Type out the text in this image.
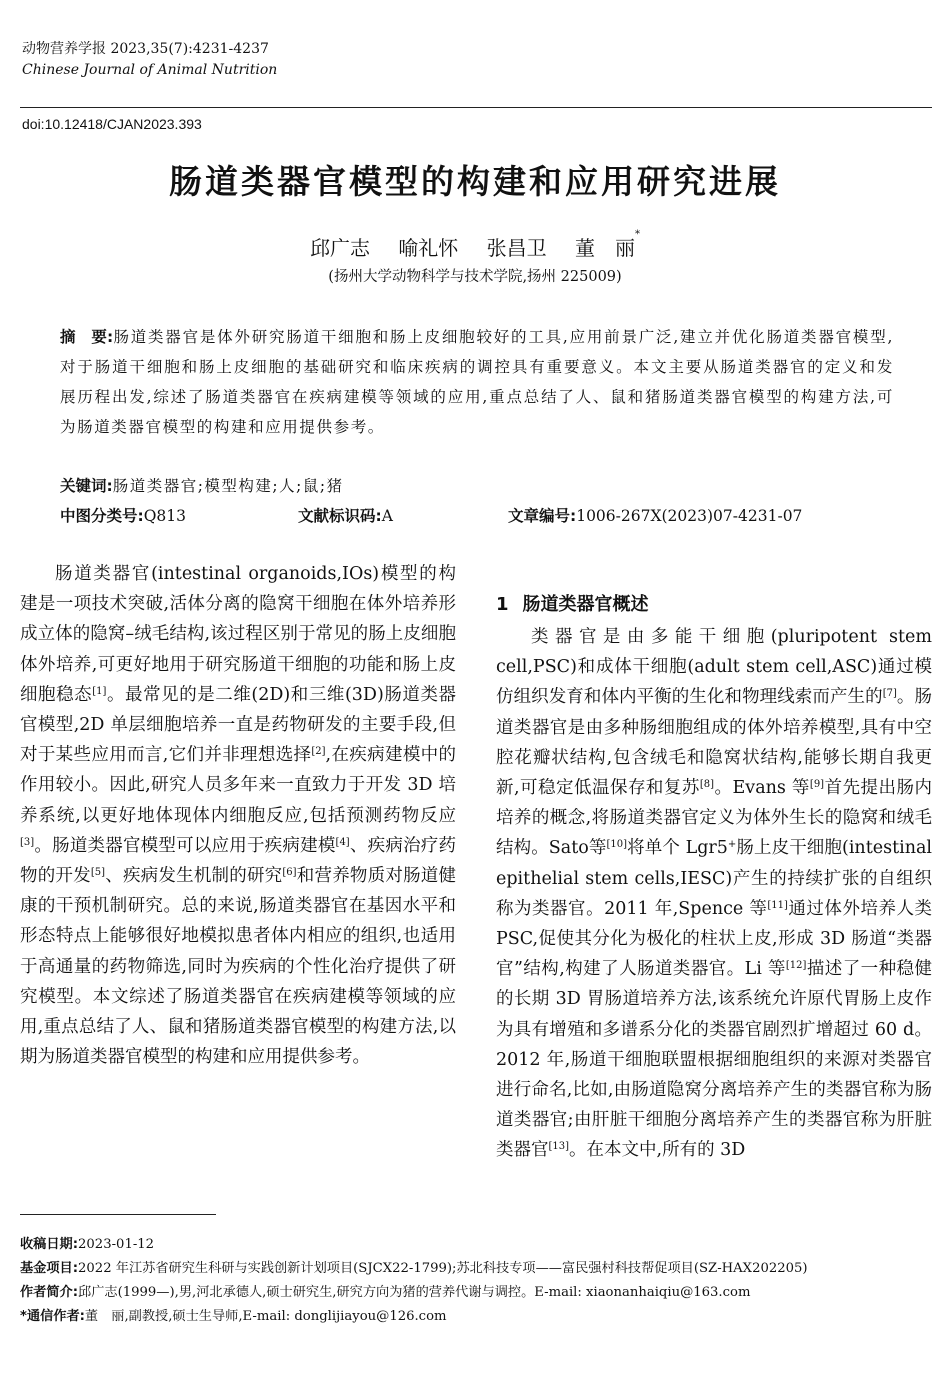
动物营养学报 2023,35(7):4231-4237
Chinese Journal of Animal Nutrition
doi:10.12418/CJAN2023.393
肠道类器官模型的构建和应用研究进展
邱广志 喻礼怀 张昌卫 董　丽*
(扬州大学动物科学与技术学院,扬州 225009)
摘　要:肠道类器官是体外研究肠道干细胞和肠上皮细胞较好的工具,应用前景广泛,建立并优化肠道类器官模型,对于肠道干细胞和肠上皮细胞的基础研究和临床疾病的调控具有重要意义。本文主要从肠道类器官的定义和发展历程出发,综述了肠道类器官在疾病建模等领域的应用,重点总结了人、鼠和猪肠道类器官模型的构建方法,可为肠道类器官模型的构建和应用提供参考。
关键词:肠道类器官;模型构建;人;鼠;猪
中图分类号:Q813	文献标识码:A	文章编号:1006-267X(2023)07-4231-07

肠道类器官(intestinal organoids,IOs)模型的构建是一项技术突破,活体分离的隐窝干细胞在体外培养形成立体的隐窝–绒毛结构,该过程区别于常见的肠上皮细胞体外培养,可更好地用于研究肠道干细胞的功能和肠上皮细胞稳态[1]。最常见的是二维(2D)和三维(3D)肠道类器官模型,2D 单层细胞培养一直是药物研发的主要手段,但对于某些应用而言,它们并非理想选择[2],在疾病建模中的作用较小。因此,研究人员多年来一直致力于开发 3D 培养系统,以更好地体现体内细胞反应,包括预测药物反应[3]。肠道类器官模型可以应用于疾病建模[4]、疾病治疗药物的开发[5]、疾病发生机制的研究[6]和营养物质对肠道健康的干预机制研究。总的来说,肠道类器官在基因水平和形态特点上能够很好地模拟患者体内相应的组织,也适用于高通量的药物筛选,同时为疾病的个性化治疗提供了研究模型。本文综述了肠道类器官在疾病建模等领域的应用,重点总结了人、鼠和猪肠道类器官模型的构建方法,以期为肠道类器官模型的构建和应用提供参考。

1 肠道类器官概述

类器官是由多能干细胞(pluripotent stem cell,PSC)和成体干细胞(adult stem cell,ASC)通过模仿组织发育和体内平衡的生化和物理线索而产生的[7]。肠道类器官是由多种肠细胞组成的体外培养模型,具有中空腔花瓣状结构,包含绒毛和隐窝状结构,能够长期自我更新,可稳定低温保存和复苏[8]。Evans 等[9]首先提出肠内培养的概念,将肠道类器官定义为体外生长的隐窝和绒毛结构。Sato等[10]将单个 Lgr5+肠上皮干细胞(intestinal epithelial stem cells,IESC)产生的持续扩张的自组织称为类器官。2011 年,Spence 等[11]通过体外培养人类 PSC,促使其分化为极化的柱状上皮,形成 3D 肠道“类器官”结构,构建了人肠道类器官。Li 等[12]描述了一种稳健的长期 3D 胃肠道培养方法,该系统允许原代胃肠上皮作为具有增殖和多谱系分化的类器官剧烈扩增超过 60 d。2012 年,肠道干细胞联盟根据细胞组织的来源对类器官进行命名,比如,由肠道隐窝分离培养产生的类器官称为肠道类器官;由肝脏干细胞分离培养产生的类器官称为肝脏类器官[13]。在本文中,所有的 3D

收稿日期:2023-01-12
基金项目:2022 年江苏省研究生科研与实践创新计划项目(SJCX22-1799);苏北科技专项——富民强村科技帮促项目(SZ-HAX202205)
作者简介:邱广志(1999—),男,河北承德人,硕士研究生,研究方向为猪的营养代谢与调控。E-mail: xiaonanhaiqiu@163.com
*通信作者:董　丽,副教授,硕士生导师,E-mail: donglijiayou@126.com
